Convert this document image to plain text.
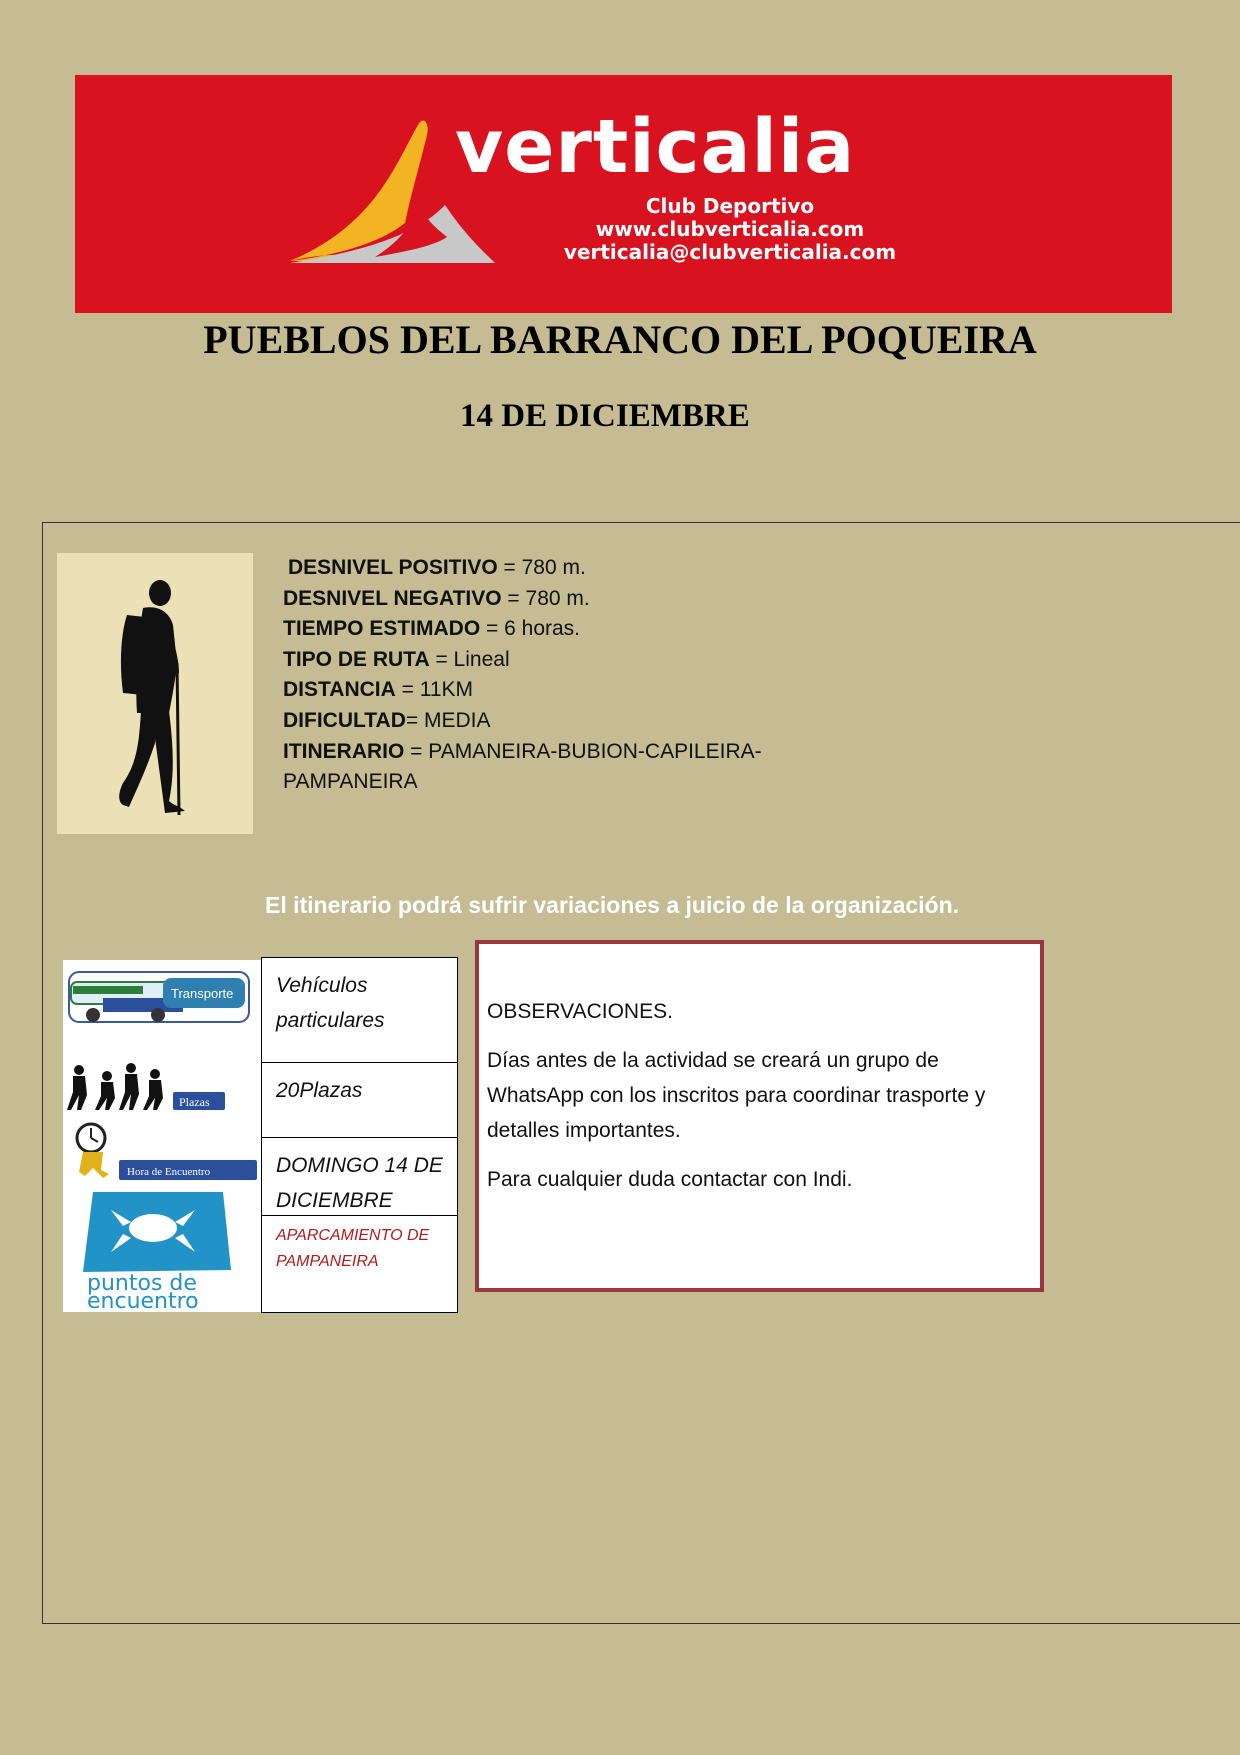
verticalia
Club Deportivo
www.clubverticalia.com
verticalia@clubverticalia.com
PUEBLOS DEL BARRANCO DEL POQUEIRA
14 DE DICIEMBRE
DESNIVEL POSITIVO = 780 m.
DESNIVEL NEGATIVO = 780 m.
TIEMPO ESTIMADO = 6 horas.
TIPO DE RUTA = Lineal
DISTANCIA = 11KM
DIFICULTAD= MEDIA
ITINERARIO = PAMANEIRA-BUBION-CAPILEIRA-
PAMPANEIRA
El itinerario podrá sufrir variaciones a juicio de la organización.
Transporte
Plazas
Hora de Encuentro
puntos de
encuentro
Vehículos particulares
20Plazas
DOMINGO 14 DE DICIEMBRE
APARCAMIENTO DE PAMPANEIRA

OBSERVACIONES.

Días antes de la actividad se creará un grupo de WhatsApp con los inscritos para coordinar trasporte y detalles importantes.

Para cualquier duda contactar con Indi.
